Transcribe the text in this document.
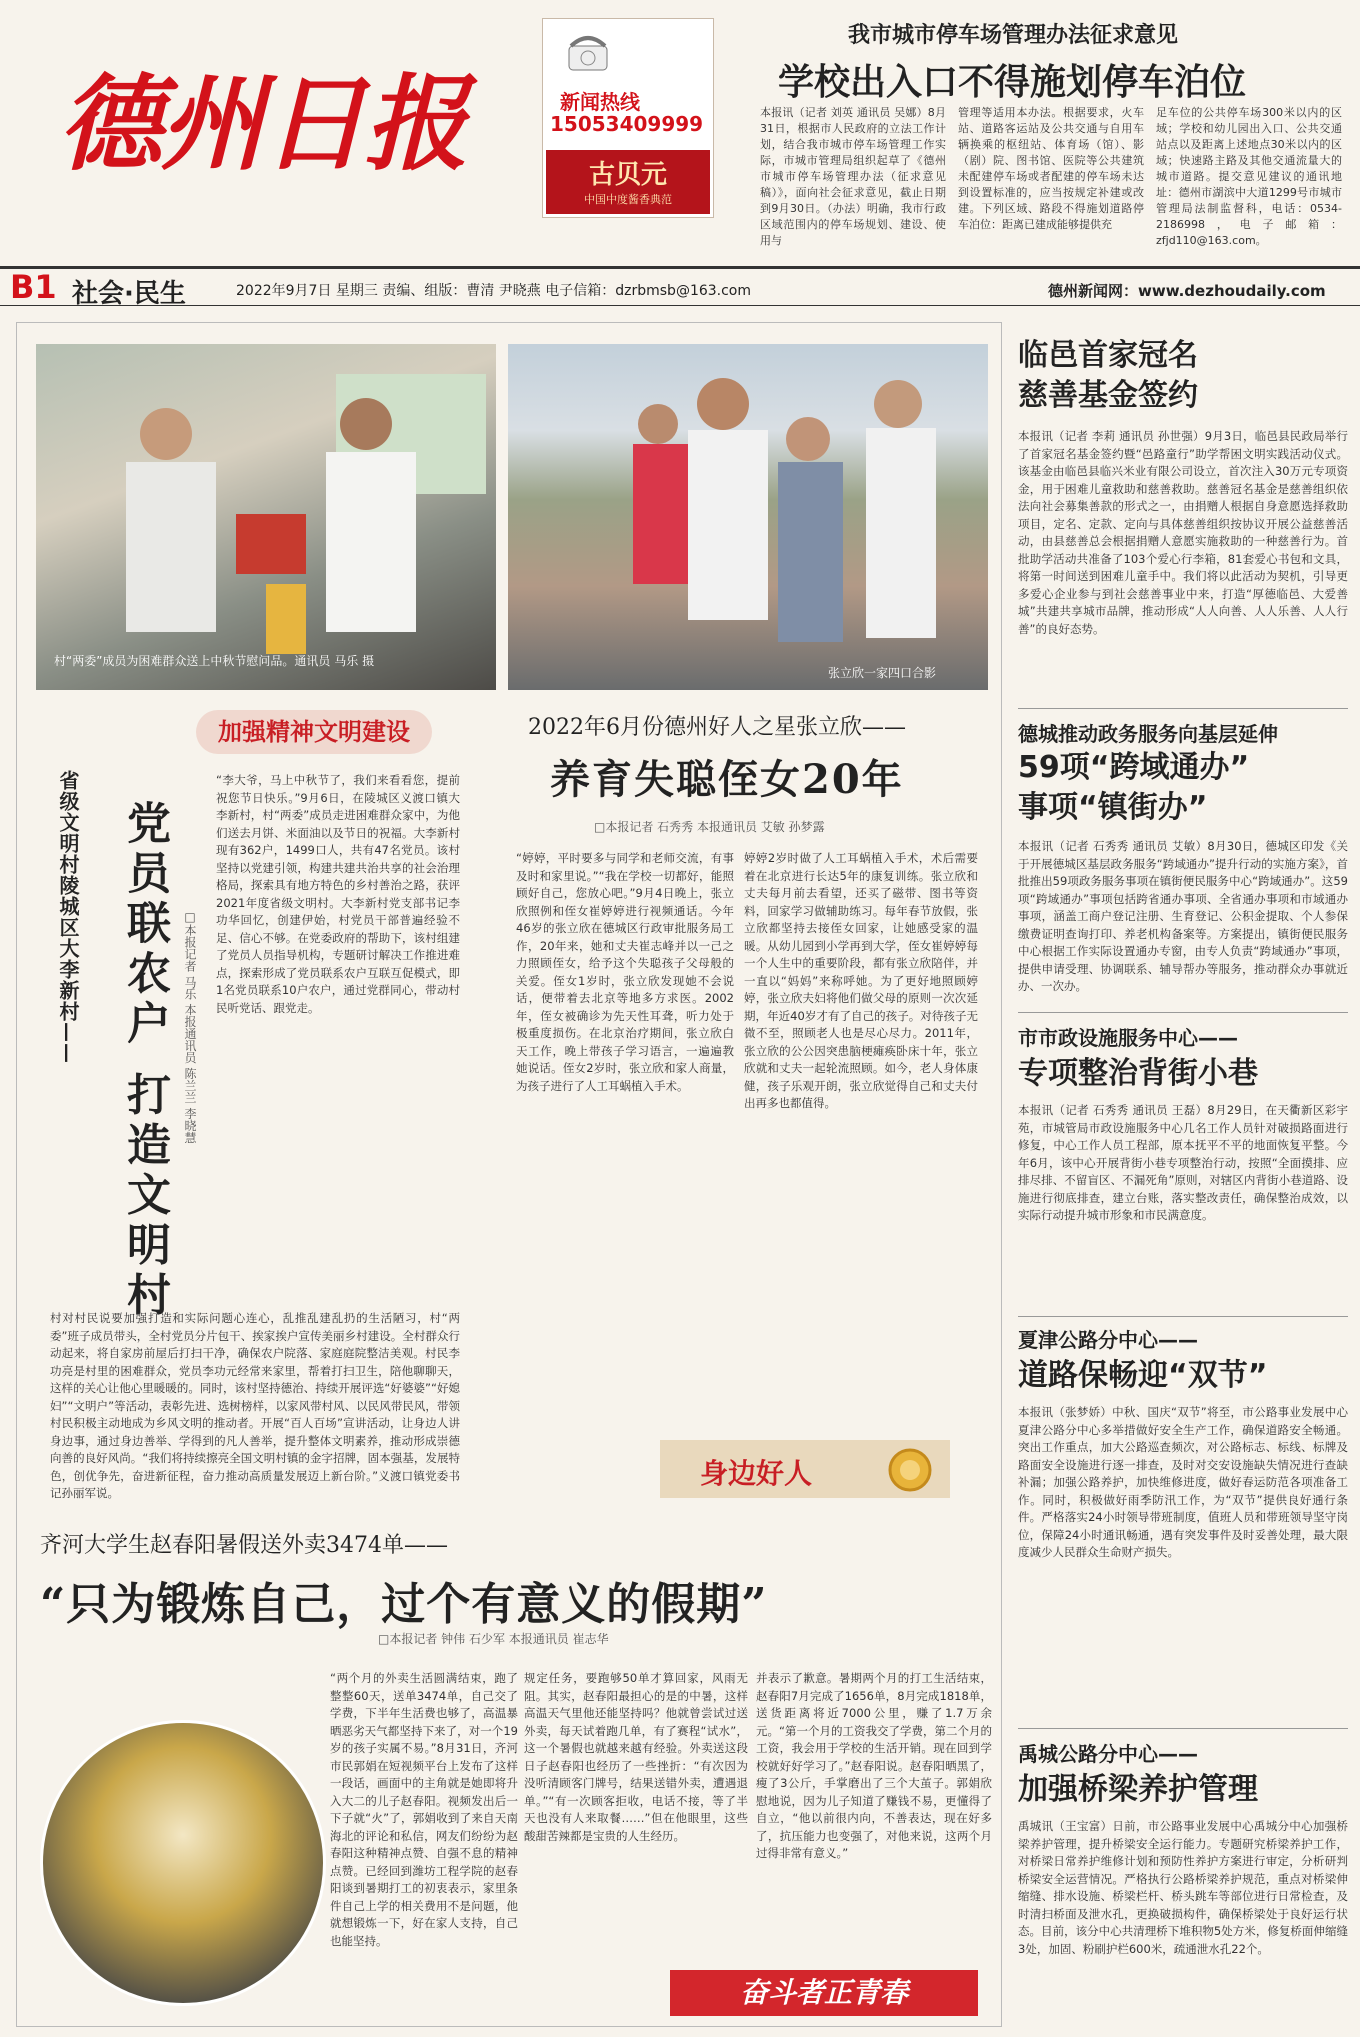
德州日报	新闻热线
15053409999
古贝元
中国中度酱香典范
我市城市停车场管理办法征求意见
学校出入口不得施划停车泊位
本报讯（记者 刘英 通讯员 吴娜）8月31日，根据市人民政府的立法工作计划，结合我市城市停车场管理工作实际，市城市管理局组织起草了《德州市城市停车场管理办法（征求意见稿）》，面向社会征求意见，截止日期到9月30日。（办法）明确，我市行政区域范围内的停车场规划、建设、使用与
管理等适用本办法。根据要求，火车站、道路客运站及公共交通与自用车辆换乘的枢纽站、体育场（馆）、影（剧）院、图书馆、医院等公共建筑未配建停车场或者配建的停车场未达到设置标准的，应当按规定补建或改建。下列区域、路段不得施划道路停车泊位：距离已建成能够提供充
足车位的公共停车场300米以内的区域；学校和幼儿园出入口、公共交通站点以及距离上述地点30米以内的区域；快速路主路及其他交通流量大的城市道路。提交意见建议的通讯地址：德州市湖滨中大道1299号市城市管理局法制监督科，电话：0534-2186998，电子邮箱：zfjd110@163.com。
B1 社会·民生	2022年9月7日 星期三 责编、组版：曹清 尹晓燕 电子信箱：dzrbmsb@163.com	德州新闻网：www.dezhoudaily.com
村“两委”成员为困难群众送上中秋节慰问品。通讯员 马乐 摄
张立欣一家四口合影
加强精神文明建设
省级文明村陵城区大李新村—— 党员联农户 打造文明村	□本报记者 马乐 本报通讯员 陈兰兰 李晓慧
“李大爷，马上中秋节了，我们来看看您，提前祝您节日快乐。”9月6日，在陵城区义渡口镇大李新村，村“两委”成员走进困难群众家中，为他们送去月饼、米面油以及节日的祝福。大李新村现有362户，1499口人，共有47名党员。该村坚持以党建引领，构建共建共治共享的社会治理格局，探索具有地方特色的乡村善治之路，获评2021年度省级文明村。大李新村党支部书记李功华回忆，创建伊始，村党员干部普遍经验不足、信心不够。在党委政府的帮助下，该村组建了党员人员指导机构，专题研讨解决工作推进难点，探索形成了党员联系农户互联互促模式，即1名党员联系10户农户，通过党群同心，带动村民听党话、跟党走。
村对村民说要加强打造和实际问题心连心，乱推乱建乱扔的生活陋习，村“两委”班子成员带头，全村党员分片包干、挨家挨户宣传美丽乡村建设。全村群众行动起来，将自家房前屋后打扫干净，确保农户院落、家庭庭院整洁美观。村民李功亮是村里的困难群众，党员李功元经常来家里，帮着打扫卫生，陪他聊聊天，这样的关心让他心里暖暖的。同时，该村坚持德治、持续开展评选“好婆婆”“好媳妇”“文明户”等活动，表彰先进、选树榜样，以家风带村风、以民风带民风，带领村民积极主动地成为乡风文明的推动者。开展“百人百场”宣讲活动，让身边人讲身边事，通过身边善举、学得到的凡人善举，提升整体文明素养，推动形成崇德向善的良好风尚。“我们将持续擦亮全国文明村镇的金字招牌，固本强基，发展特色，创优争先，奋进新征程，奋力推动高质量发展迈上新台阶。”义渡口镇党委书记孙丽军说。
2022年6月份德州好人之星张立欣——
养育失聪侄女20年
□本报记者 石秀秀 本报通讯员 艾敏 孙梦露
“婷婷，平时要多与同学和老师交流，有事及时和家里说。”“我在学校一切都好，能照顾好自己，您放心吧。”9月4日晚上，张立欣照例和侄女崔婷婷进行视频通话。今年46岁的张立欣在德城区行政审批服务局工作，20年来，她和丈夫崔志峰并以一己之力照顾侄女，给予这个失聪孩子父母般的关爱。侄女1岁时，张立欣发现她不会说话，便带着去北京等地多方求医。2002年，侄女被确诊为先天性耳聋，听力处于极重度损伤。在北京治疗期间，张立欣白天工作，晚上带孩子学习语言，一遍遍教她说话。侄女2岁时，张立欣和家人商量，为孩子进行了人工耳蜗植入手术。
婷婷2岁时做了人工耳蜗植入手术，术后需要着在北京进行长达5年的康复训练。张立欣和丈夫每月前去看望，还买了磁带、图书等资料，回家学习做辅助练习。每年春节放假，张立欣都坚持去接侄女回家，让她感受家的温暖。从幼儿园到小学再到大学，侄女崔婷婷每一个人生中的重要阶段，都有张立欣陪伴，并一直以“妈妈”来称呼她。为了更好地照顾婷婷，张立欣夫妇将他们做父母的原则一次次延期，年近40岁才有了自己的孩子。对待孩子无微不至，照顾老人也是尽心尽力。2011年，张立欣的公公因突患脑梗瘫痪卧床十年，张立欣就和丈夫一起轮流照顾。如今，老人身体康健，孩子乐观开朗，张立欣觉得自己和丈夫付出再多也都值得。
身边好人
齐河大学生赵春阳暑假送外卖3474单——
“只为锻炼自己，过个有意义的假期”
□本报记者 钟伟 石少军 本报通讯员 崔志华
“两个月的外卖生活圆满结束，跑了整整60天，送单3474单，自己交了学费，下半年生活费也够了，高温暴晒恶劣天气都坚持下来了，对一个19岁的孩子实属不易。”8月31日，齐河市民郭娟在短视频平台上发布了这样一段话，画面中的主角就是她即将升入大二的儿子赵春阳。视频发出后一下子就“火”了，郭娟收到了来自天南海北的评论和私信，网友们纷纷为赵春阳这种精神点赞、自强不息的精神点赞。已经回到潍坊工程学院的赵春阳谈到暑期打工的初衷表示，家里条件自己上学的相关费用不是问题，他就想锻炼一下，好在家人支持，自己也能坚持。
规定任务，要跑够50单才算回家，风雨无阻。其实，赵春阳最担心的是的中暑，这样高温天气里他还能坚持吗？他就曾尝试过送外卖，每天试着跑几单，有了赛程“试水”，这一个暑假也就越来越有经验。外卖送这段日子赵春阳也经历了一些挫折：“有次因为没听清顾客门牌号，结果送错外卖，遭遇退单。”“有一次顾客拒收，电话不接，等了半天也没有人来取餐……”但在他眼里，这些酸甜苦辣都是宝贵的人生经历。
并表示了歉意。暑期两个月的打工生活结束，赵春阳7月完成了1656单，8月完成1818单，送货距离将近7000公里，赚了1.7万余元。“第一个月的工资我交了学费，第二个月的工资，我会用于学校的生活开销。现在回到学校就好好学习了。”赵春阳说。赵春阳晒黑了，瘦了3公斤，手掌磨出了三个大茧子。郭娟欣慰地说，因为儿子知道了赚钱不易，更懂得了自立，“他以前很内向，不善表达，现在好多了，抗压能力也变强了，对他来说，这两个月过得非常有意义。”
奋斗者正青春
临邑首家冠名
慈善基金签约
本报讯（记者 李莉 通讯员 孙世强）9月3日，临邑县民政局举行了首家冠名基金签约暨“邑路童行”助学帮困文明实践活动仪式。该基金由临邑县临兴米业有限公司设立，首次注入30万元专项资金，用于困难儿童救助和慈善救助。慈善冠名基金是慈善组织依法向社会募集善款的形式之一，由捐赠人根据自身意愿选择救助项目，定名、定款、定向与具体慈善组织按协议开展公益慈善活动，由县慈善总会根据捐赠人意愿实施救助的一种慈善行为。首批助学活动共准备了103个爱心行李箱，81套爱心书包和文具，将第一时间送到困难儿童手中。我们将以此活动为契机，引导更多爱心企业参与到社会慈善事业中来，打造“厚德临邑、大爱善城”共建共享城市品牌，推动形成“人人向善、人人乐善、人人行善”的良好态势。
德城推动政务服务向基层延伸
59项“跨域通办”
事项“镇街办”
本报讯（记者 石秀秀 通讯员 艾敏）8月30日，德城区印发《关于开展德城区基层政务服务“跨域通办”提升行动的实施方案》，首批推出59项政务服务事项在镇街便民服务中心“跨域通办”。这59项“跨域通办”事项包括跨省通办事项、全省通办事项和市域通办事项，涵盖工商户登记注册、生育登记、公积金提取、个人参保缴费证明查询打印、养老机构备案等。方案提出，镇街便民服务中心根据工作实际设置通办专窗，由专人负责“跨域通办”事项，提供申请受理、协调联系、辅导帮办等服务，推动群众办事就近办、一次办。
市市政设施服务中心——
专项整治背街小巷
本报讯（记者 石秀秀 通讯员 王磊）8月29日，在天衢新区彩宇苑，市城管局市政设施服务中心几名工作人员针对破损路面进行修复，中心工作人员工程部，原本抚平不平的地面恢复平整。今年6月，该中心开展背街小巷专项整治行动，按照“全面摸排、应排尽排、不留盲区、不漏死角”原则，对辖区内背街小巷道路、设施进行彻底排查，建立台账，落实整改责任，确保整治成效，以实际行动提升城市形象和市民满意度。
夏津公路分中心——
道路保畅迎“双节”
本报讯（张梦娇）中秋、国庆“双节”将至，市公路事业发展中心夏津公路分中心多举措做好安全生产工作，确保道路安全畅通。突出工作重点，加大公路巡查频次，对公路标志、标线、标牌及路面安全设施进行逐一排查，及时对交安设施缺失情况进行查缺补漏；加强公路养护，加快维修进度，做好春运防范各项准备工作。同时，积极做好雨季防汛工作，为“双节”提供良好通行条件。严格落实24小时领导带班制度，值班人员和带班领导坚守岗位，保障24小时通讯畅通，遇有突发事件及时妥善处理，最大限度减少人民群众生命财产损失。
禹城公路分中心——
加强桥梁养护管理
禹城讯（王宝富）日前，市公路事业发展中心禹城分中心加强桥梁养护管理，提升桥梁安全运行能力。专题研究桥梁养护工作，对桥梁日常养护维修计划和预防性养护方案进行审定，分析研判桥梁安全运营情况。严格执行公路桥梁养护规范，重点对桥梁伸缩缝、排水设施、桥梁栏杆、桥头跳车等部位进行日常检查，及时清扫桥面及泄水孔，更换破损构件，确保桥梁处于良好运行状态。目前，该分中心共清理桥下堆积物5处方米，修复桥面伸缩缝3处，加固、粉刷护栏600米，疏通泄水孔22个。
